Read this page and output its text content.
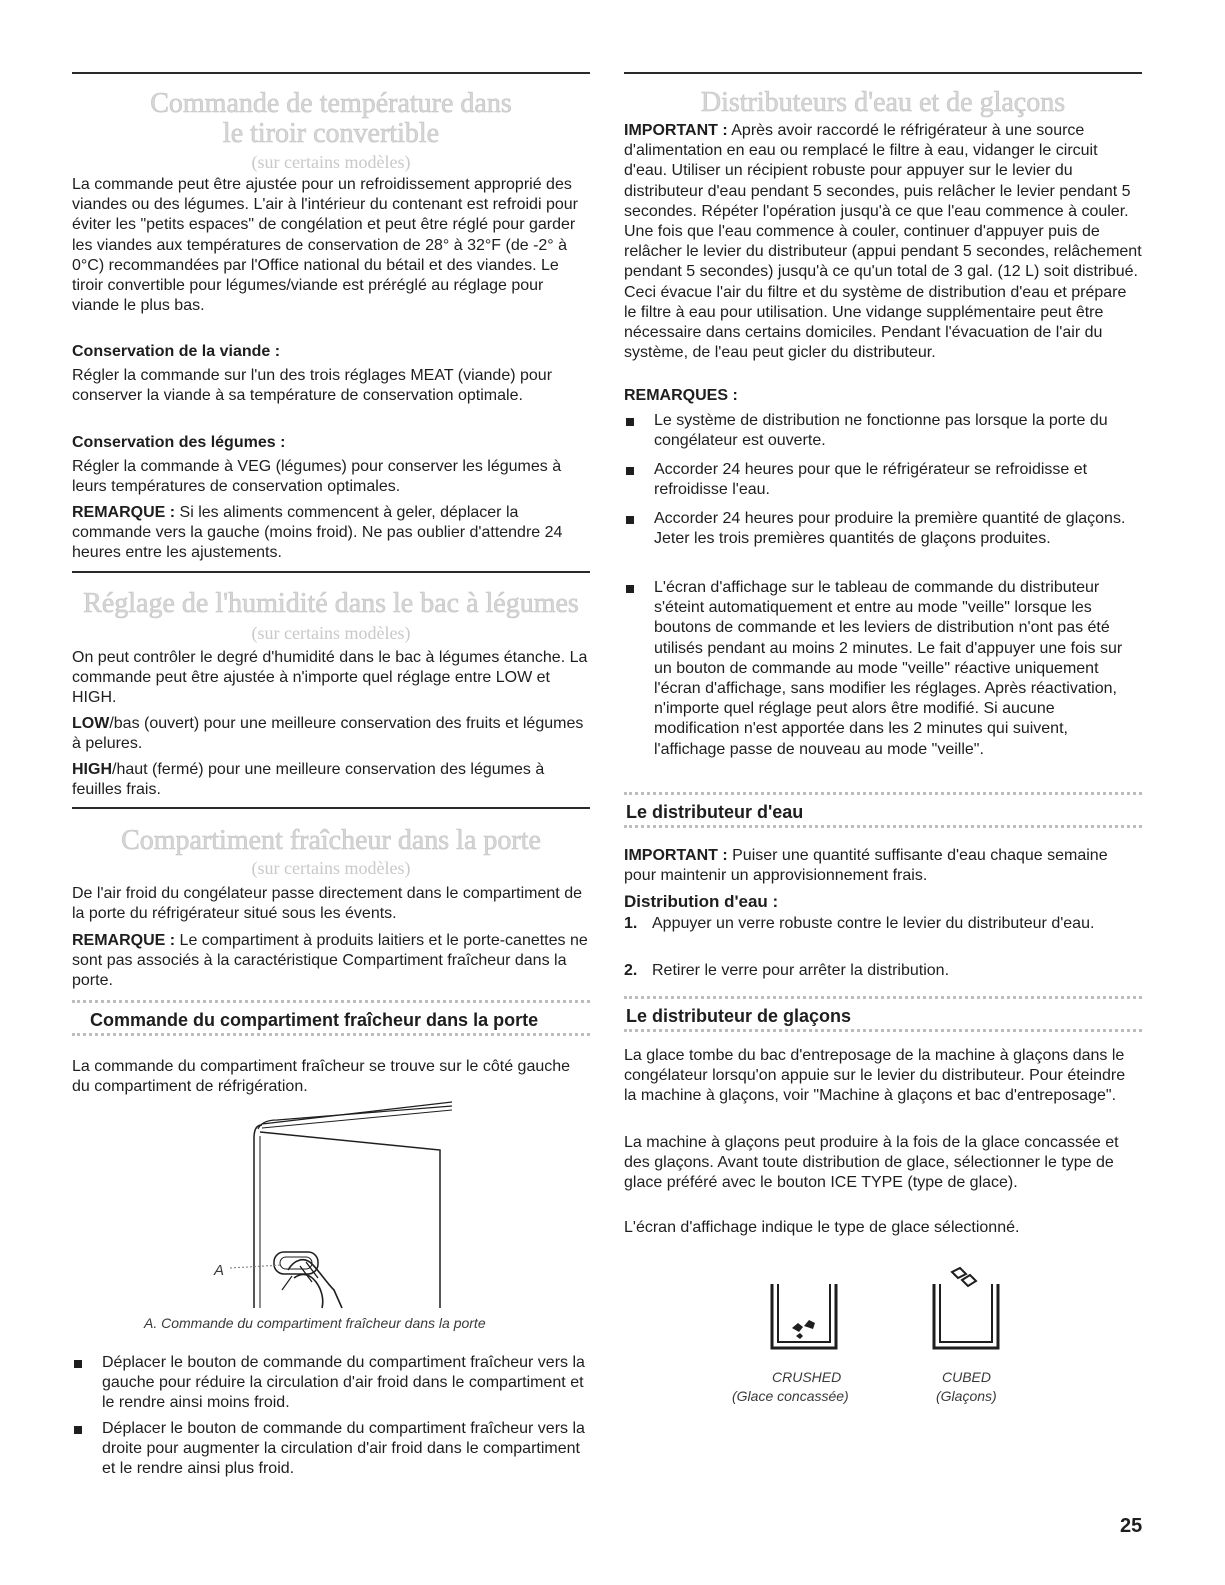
Commande de température dans
le tiroir convertible
(sur certains modèles)

La commande peut être ajustée pour un refroidissement approprié des viandes ou des légumes. L'air à l'intérieur du contenant est refroidi pour éviter les "petits espaces" de congélation et peut être réglé pour garder les viandes aux températures de conservation de 28° à 32°F (de -2° à 0°C) recommandées par l'Office national du bétail et des viandes. Le tiroir convertible pour légumes/viande est préréglé au réglage pour viande le plus bas.

Conservation de la viande :

Régler la commande sur l'un des trois réglages MEAT (viande) pour conserver la viande à sa température de conservation optimale.

Conservation des légumes :

Régler la commande à VEG (légumes) pour conserver les légumes à leurs températures de conservation optimales.

REMARQUE : Si les aliments commencent à geler, déplacer la commande vers la gauche (moins froid). Ne pas oublier d'attendre 24 heures entre les ajustements.

Réglage de l'humidité dans le bac à légumes
(sur certains modèles)

On peut contrôler le degré d'humidité dans le bac à légumes étanche. La commande peut être ajustée à n'importe quel réglage entre LOW et HIGH.

LOW/bas (ouvert) pour une meilleure conservation des fruits et légumes à pelures.

HIGH/haut (fermé) pour une meilleure conservation des légumes à feuilles frais.

Compartiment fraîcheur dans la porte
(sur certains modèles)

De l'air froid du congélateur passe directement dans le compartiment de la porte du réfrigérateur situé sous les évents.

REMARQUE : Le compartiment à produits laitiers et le porte-canettes ne sont pas associés à la caractéristique Compartiment fraîcheur dans la porte.

Commande du compartiment fraîcheur dans la porte

La commande du compartiment fraîcheur se trouve sur le côté gauche du compartiment de réfrigération.

A
A. Commande du compartiment fraîcheur dans la porte

Déplacer le bouton de commande du compartiment fraîcheur vers la gauche pour réduire la circulation d'air froid dans le compartiment et le rendre ainsi moins froid.

Déplacer le bouton de commande du compartiment fraîcheur vers la droite pour augmenter la circulation d'air froid dans le compartiment et le rendre ainsi plus froid.

Distributeurs d'eau et de glaçons

IMPORTANT : Après avoir raccordé le réfrigérateur à une source d'alimentation en eau ou remplacé le filtre à eau, vidanger le circuit d'eau. Utiliser un récipient robuste pour appuyer sur le levier du distributeur d'eau pendant 5 secondes, puis relâcher le levier pendant 5 secondes. Répéter l'opération jusqu'à ce que l'eau commence à couler. Une fois que l'eau commence à couler, continuer d'appuyer puis de relâcher le levier du distributeur (appui pendant 5 secondes, relâchement pendant 5 secondes) jusqu'à ce qu'un total de 3 gal. (12 L) soit distribué. Ceci évacue l'air du filtre et du système de distribution d'eau et prépare le filtre à eau pour utilisation. Une vidange supplémentaire peut être nécessaire dans certains domiciles. Pendant l'évacuation de l'air du système, de l'eau peut gicler du distributeur.

REMARQUES :

Le système de distribution ne fonctionne pas lorsque la porte du congélateur est ouverte.

Accorder 24 heures pour que le réfrigérateur se refroidisse et refroidisse l'eau.

Accorder 24 heures pour produire la première quantité de glaçons. Jeter les trois premières quantités de glaçons produites.

L'écran d'affichage sur le tableau de commande du distributeur s'éteint automatiquement et entre au mode "veille" lorsque les boutons de commande et les leviers de distribution n'ont pas été utilisés pendant au moins 2 minutes. Le fait d'appuyer une fois sur un bouton de commande au mode "veille" réactive uniquement l'écran d'affichage, sans modifier les réglages. Après réactivation, n'importe quel réglage peut alors être modifié. Si aucune modification n'est apportée dans les 2 minutes qui suivent, l'affichage passe de nouveau au mode "veille".

Le distributeur d'eau

IMPORTANT : Puiser une quantité suffisante d'eau chaque semaine pour maintenir un approvisionnement frais.

Distribution d'eau :

1. Appuyer un verre robuste contre le levier du distributeur d'eau.

2. Retirer le verre pour arrêter la distribution.

Le distributeur de glaçons

La glace tombe du bac d'entreposage de la machine à glaçons dans le congélateur lorsqu'on appuie sur le levier du distributeur. Pour éteindre la machine à glaçons, voir "Machine à glaçons et bac d'entreposage".

La machine à glaçons peut produire à la fois de la glace concassée et des glaçons. Avant toute distribution de glace, sélectionner le type de glace préféré avec le bouton ICE TYPE (type de glace).

L'écran d'affichage indique le type de glace sélectionné.

CRUSHED
(Glace concassée)
CUBED
(Glaçons)
25
